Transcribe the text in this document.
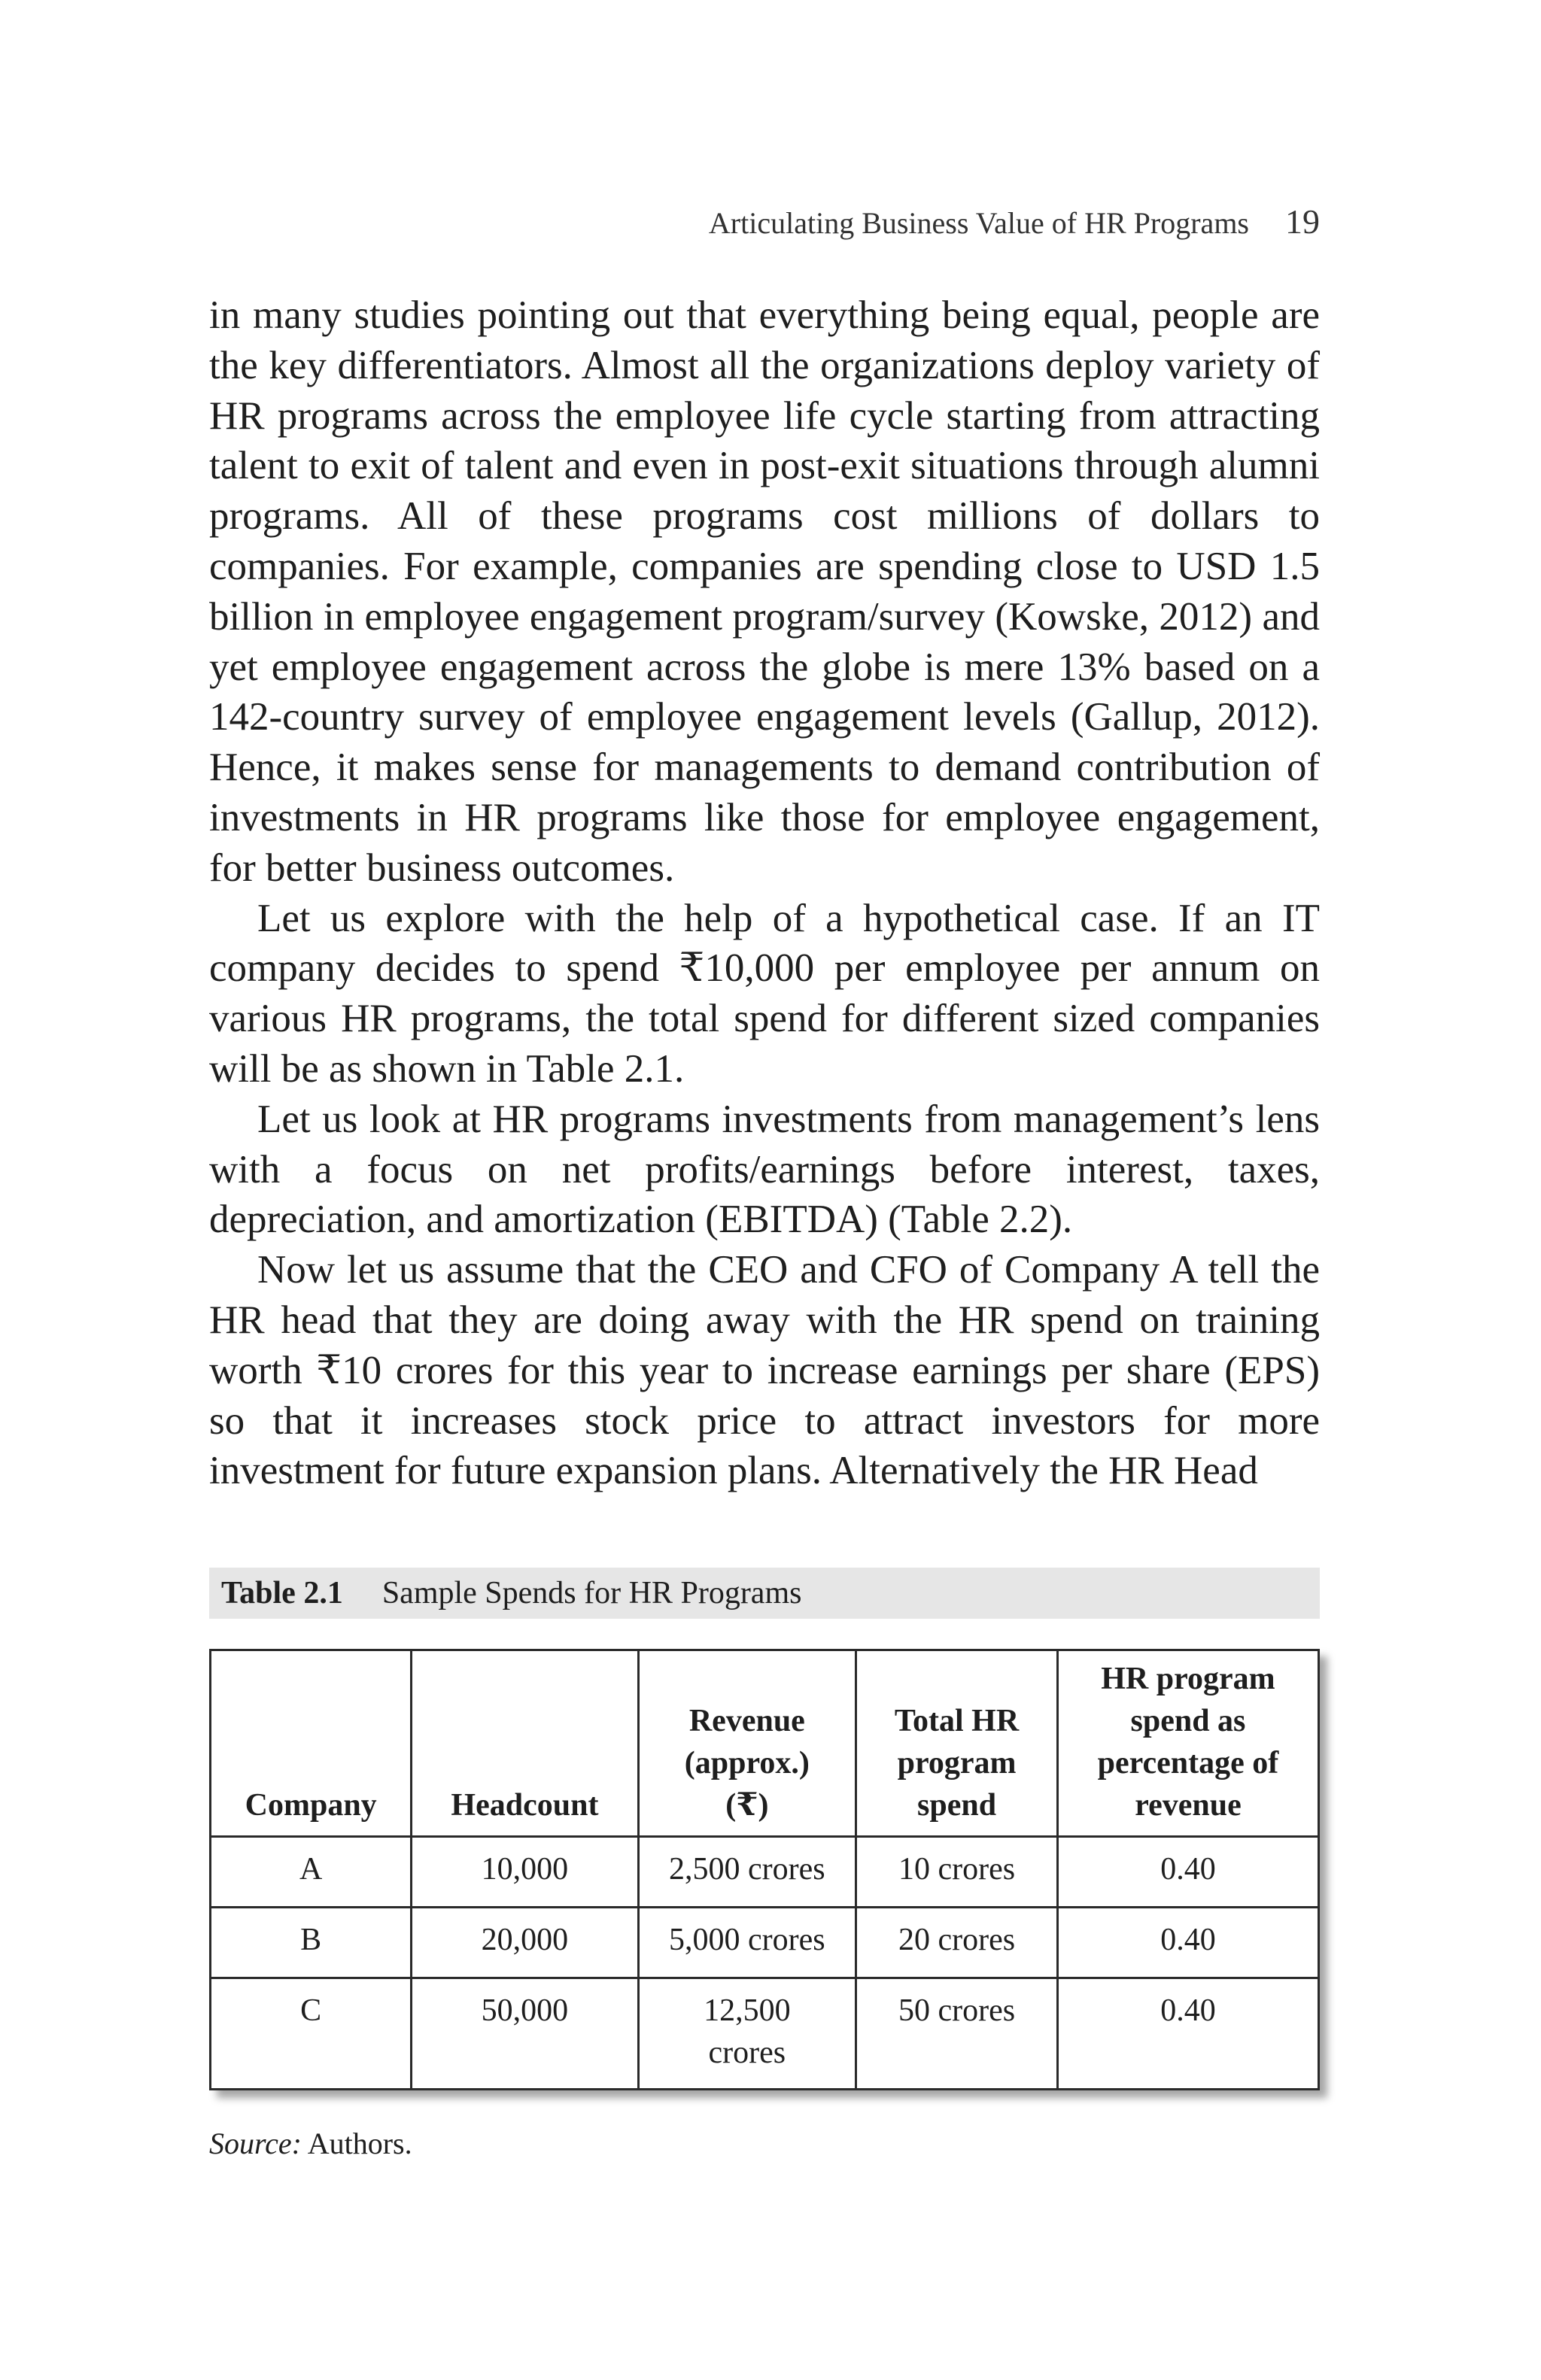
Articulating Business Value of HR Programs 19

in many studies pointing out that everything being equal, people are the key differentiators. Almost all the organizations deploy variety of HR programs across the employee life cycle starting from attracting talent to exit of talent and even in post-exit situations through alumni programs. All of these programs cost millions of dollars to companies. For example, companies are spending close to USD 1.5 billion in employee engagement program/survey (Kowske, 2012) and yet employee engagement across the globe is mere 13% based on a 142-country survey of employee engagement levels (Gallup, 2012). Hence, it makes sense for managements to demand contribution of investments in HR programs like those for employee engagement, for better business outcomes.

Let us explore with the help of a hypothetical case. If an IT company decides to spend ₹10,000 per employee per annum on various HR programs, the total spend for different sized companies will be as shown in Table 2.1.

Let us look at HR programs investments from management’s lens with a focus on net profits/earnings before interest, taxes, depreciation, and amortization (EBITDA) (Table 2.2).

Now let us assume that the CEO and CFO of Company A tell the HR head that they are doing away with the HR spend on training worth ₹10 crores for this year to increase earnings per share (EPS) so that it increases stock price to attract investors for more investment for future expansion plans. Alternatively the HR Head

Table 2.1 Sample Spends for HR Programs
Company	Headcount	Revenue (approx.) (₹)	Total HR program spend	HR program spend as percentage of revenue
A	10,000	2,500 crores	10 crores	0.40
B	20,000	5,000 crores	20 crores	0.40
C	50,000	12,500 crores	50 crores	0.40
Source: Authors.
